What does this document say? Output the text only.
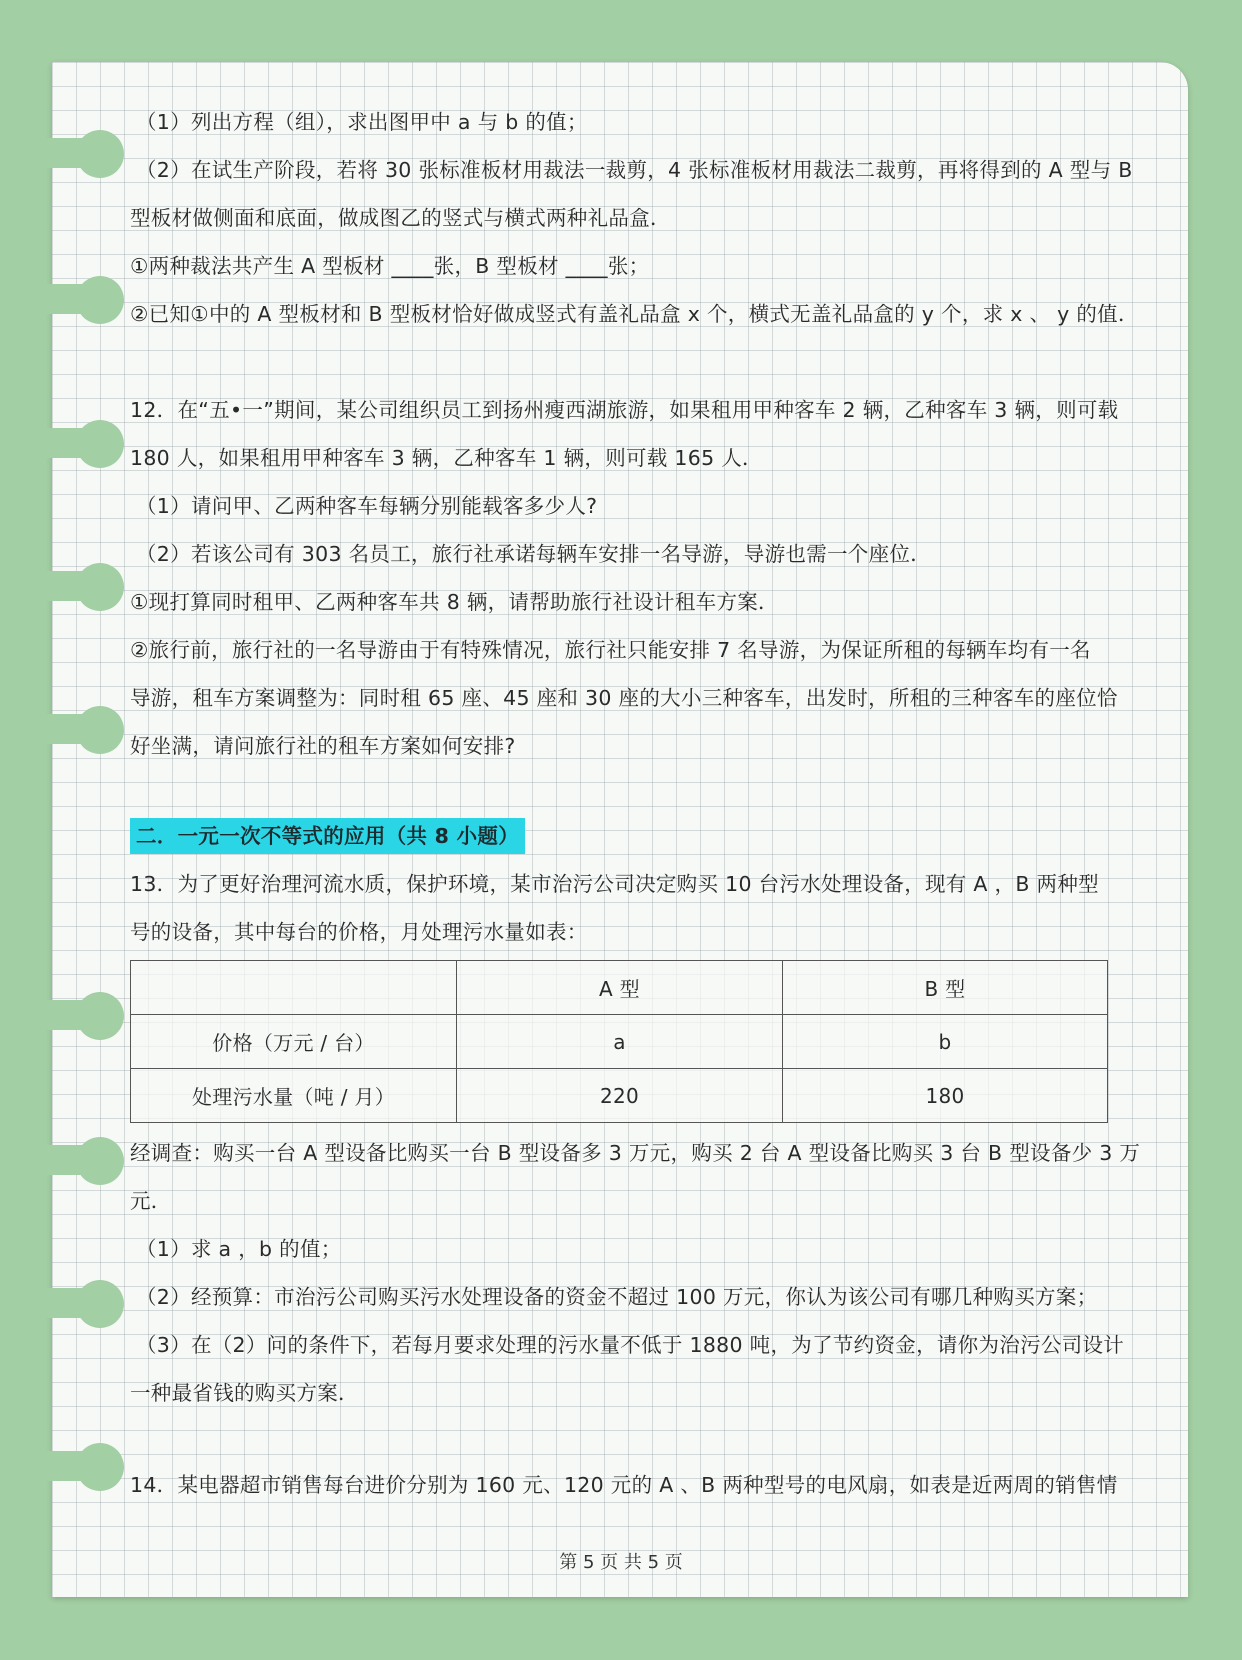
（1）列出方程（组），求出图甲中 a 与 b 的值；
（2）在试生产阶段，若将 30 张标准板材用裁法一裁剪，4 张标准板材用裁法二裁剪，再将得到的 A 型与 B
型板材做侧面和底面，做成图乙的竖式与横式两种礼品盒．
①两种裁法共产生 A 型板材 ____张，B 型板材 ____张；
②已知①中的 A 型板材和 B 型板材恰好做成竖式有盖礼品盒 x 个，横式无盖礼品盒的 y 个，求 x 、 y 的值．
12．在“五•一”期间，某公司组织员工到扬州瘦西湖旅游，如果租用甲种客车 2 辆，乙种客车 3 辆，则可载
180 人，如果租用甲种客车 3 辆，乙种客车 1 辆，则可载 165 人．
（1）请问甲、乙两种客车每辆分别能载客多少人?
（2）若该公司有 303 名员工，旅行社承诺每辆车安排一名导游，导游也需一个座位．
①现打算同时租甲、乙两种客车共 8 辆，请帮助旅行社设计租车方案．
②旅行前，旅行社的一名导游由于有特殊情况，旅行社只能安排 7 名导游，为保证所租的每辆车均有一名
导游，租车方案调整为：同时租 65 座、45 座和 30 座的大小三种客车，出发时，所租的三种客车的座位恰
好坐满，请问旅行社的租车方案如何安排?
二．一元一次不等式的应用（共 8 小题）
13．为了更好治理河流水质，保护环境，某市治污公司决定购买 10 台污水处理设备，现有 A ，B 两种型
号的设备，其中每台的价格，月处理污水量如表：
	A 型	B 型
价格（万元 / 台）	a	b
处理污水量（吨 / 月）	220	180
经调查：购买一台 A 型设备比购买一台 B 型设备多 3 万元，购买 2 台 A 型设备比购买 3 台 B 型设备少 3 万
元．
（1）求 a ，b 的值；
（2）经预算：市治污公司购买污水处理设备的资金不超过 100 万元，你认为该公司有哪几种购买方案；
（3）在（2）问的条件下，若每月要求处理的污水量不低于 1880 吨，为了节约资金，请你为治污公司设计
一种最省钱的购买方案．
14．某电器超市销售每台进价分别为 160 元、120 元的 A 、B 两种型号的电风扇，如表是近两周的销售情
第 5 页 共 5 页
